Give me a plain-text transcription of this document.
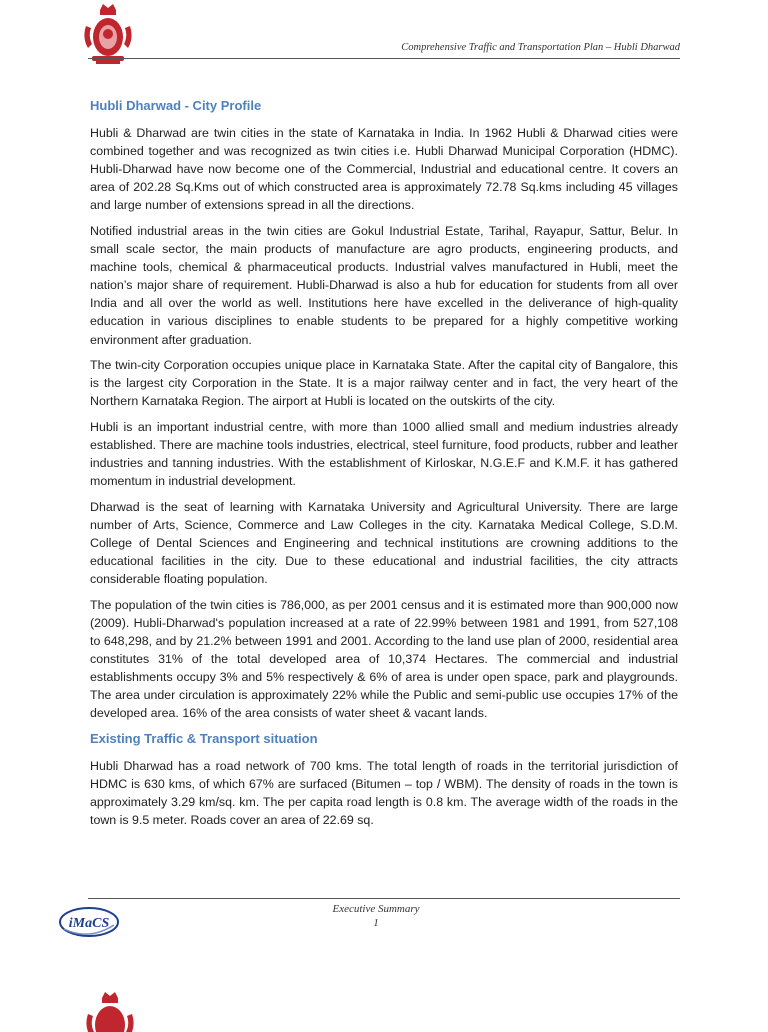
Comprehensive Traffic and Transportation Plan – Hubli Dharwad
Hubli Dharwad - City Profile

Hubli & Dharwad are twin cities in the state of Karnataka in India. In 1962 Hubli & Dharwad cities were combined together and was recognized as twin cities i.e. Hubli Dharwad Municipal Corporation (HDMC). Hubli-Dharwad have now become one of the Commercial, Industrial and educational centre. It covers an area of 202.28 Sq.Kms out of which constructed area is approximately 72.78 Sq.kms including 45 villages and large number of extensions spread in all the directions.

Notified industrial areas in the twin cities are Gokul Industrial Estate, Tarihal, Rayapur, Sattur, Belur. In small scale sector, the main products of manufacture are agro products, engineering products, and machine tools, chemical & pharmaceutical products. Industrial valves manufactured in Hubli, meet the nation’s major share of requirement. Hubli-Dharwad is also a hub for education for students from all over India and all over the world as well. Institutions here have excelled in the deliverance of high-quality education in various disciplines to enable students to be prepared for a highly competitive working environment after graduation.

The twin-city Corporation occupies unique place in Karnataka State. After the capital city of Bangalore, this is the largest city Corporation in the State. It is a major railway center and in fact, the very heart of the Northern Karnataka Region. The airport at Hubli is located on the outskirts of the city.

Hubli is an important industrial centre, with more than 1000 allied small and medium industries already established. There are machine tools industries, electrical, steel furniture, food products, rubber and leather industries and tanning industries. With the establishment of Kirloskar, N.G.E.F and K.M.F. it has gathered momentum in industrial development.

Dharwad is the seat of learning with Karnataka University and Agricultural University. There are large number of Arts, Science, Commerce and Law Colleges in the city. Karnataka Medical College, S.D.M. College of Dental Sciences and Engineering and technical institutions are crowning additions to the educational facilities in the city. Due to these educational and industrial facilities, the city attracts considerable floating population.

The population of the twin cities is 786,000, as per 2001 census and it is estimated more than 900,000 now (2009). Hubli-Dharwad's population increased at a rate of 22.99% between 1981 and 1991, from 527,108 to 648,298, and by 21.2% between 1991 and 2001. According to the land use plan of 2000, residential area constitutes 31% of the total developed area of 10,374 Hectares. The commercial and industrial establishments occupy 3% and 5% respectively & 6% of area is under open space, park and playgrounds. The area under circulation is approximately 22% while the Public and semi-public use occupies 17% of the developed area. 16% of the area consists of water sheet & vacant lands.

Existing Traffic & Transport situation

Hubli Dharwad has a road network of 700 kms. The total length of roads in the territorial jurisdiction of HDMC is 630 kms, of which 67% are surfaced (Bitumen – top / WBM). The density of roads in the town is approximately 3.29 km/sq. km. The per capita road length is 0.8 km. The average width of the roads in the town is 9.5 meter. Roads cover an area of 22.69 sq.

iMaCS
Executive Summary
1
